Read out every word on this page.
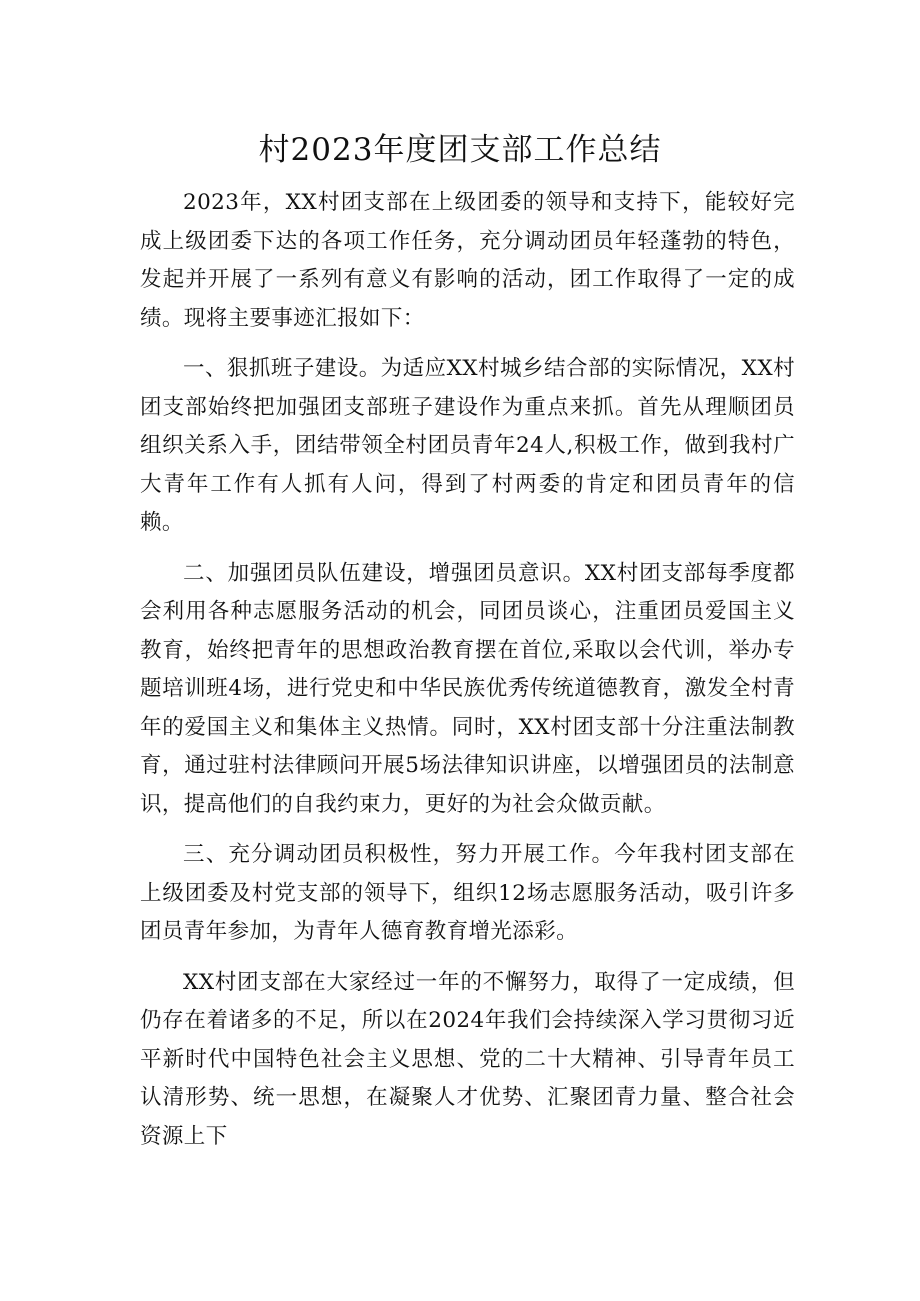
村2023年度团支部工作总结

2023年，XX村团支部在上级团委的领导和支持下，能较好完成上级团委下达的各项工作任务，充分调动团员年轻蓬勃的特色，发起并开展了一系列有意义有影响的活动，团工作取得了一定的成绩。现将主要事迹汇报如下：

一、狠抓班子建设。为适应XX村城乡结合部的实际情况，XX村团支部始终把加强团支部班子建设作为重点来抓。首先从理顺团员组织关系入手，团结带领全村团员青年24人,积极工作，做到我村广大青年工作有人抓有人问，得到了村两委的肯定和团员青年的信赖。

二、加强团员队伍建设，增强团员意识。XX村团支部每季度都会利用各种志愿服务活动的机会，同团员谈心，注重团员爱国主义教育，始终把青年的思想政治教育摆在首位,采取以会代训，举办专题培训班4场，进行党史和中华民族优秀传统道德教育，激发全村青年的爱国主义和集体主义热情。同时，XX村团支部十分注重法制教育，通过驻村法律顾问开展5场法律知识讲座，以增强团员的法制意识，提高他们的自我约束力，更好的为社会众做贡献。

三、充分调动团员积极性，努力开展工作。今年我村团支部在上级团委及村党支部的领导下，组织12场志愿服务活动，吸引许多团员青年参加，为青年人德育教育增光添彩。

XX村团支部在大家经过一年的不懈努力，取得了一定成绩，但仍存在着诸多的不足，所以在2024年我们会持续深入学习贯彻习近平新时代中国特色社会主义思想、党的二十大精神、引导青年员工认清形势、统一思想，在凝聚人才优势、汇聚团青力量、整合社会资源上下
